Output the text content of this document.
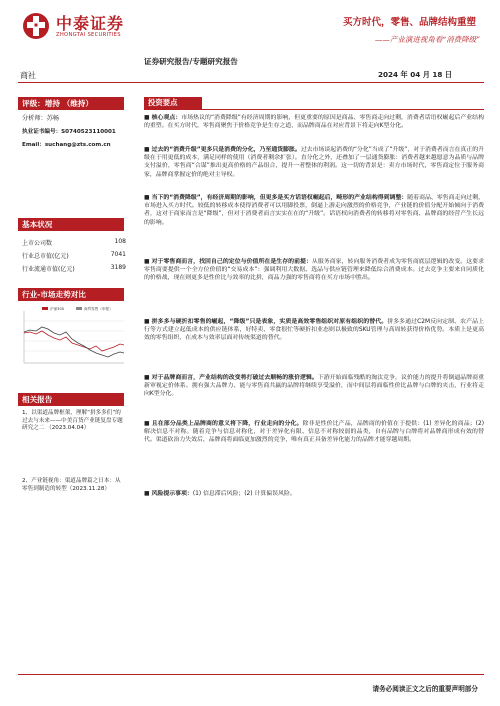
中泰证券
ZHONGTAI SECURITIES
买方时代，零售、品牌结构重塑
——产业演进视角看“消费降级”
证券研究报告/专题研究报告
商社	2024 年 04 月 18 日
评级：增持 （维持）
分析师：苏畅
执业证书编号：S0740523110001
Email：suchang@zts.com.cn
基本状况
上市公司数	108
行业总市值(亿元)	7041
行业流通市值(亿元)	3189
行业-市场走势对比
沪深300	商贸零售（申报）
相关报告
1、以渠道品牌框架，理解“拼多多们”的过去与未来——中美百货产业链复盘专题研究之二 （2023.04.04）
2、产业链视角：渠道品牌篇之日本：从零售到制造的转型（2023.11.28）
投资要点
■ 核心观点：市场热议的“消费降级”有经济周期的影响，但更重要的原因是商品、零售商走向过剩，消费者话语权崛起后产业结构的重塑。在买方时代，零售商聚焦于价格竞争是生存之道，而品牌商品在对应背景下将走向K型分化。
■ 过去的“消费升级”更多只是消费的分化，乃至通货膨胀。过去市场谈起消费的“分化”当成了“升级”，对于消费者而言在真正的升级在于用更低的成本，满足同样的使用（消费者剩余扩张）。直分化之外，还叠加了一层通货膨胀：消费者越来越愿意为品质与品牌支付溢价，零售商“合谋”推出更高价格的产品组合，提升一者整体的利润。这一切的背景是：卖方市场时代，零售商定位于服务商家，品牌商掌握定价的绝对主导权。
■ 当下的“消费降级”，有经济周期的影响，但更多是买方话语权崛起后，畸形的产业结构得到调整：随着商品、零售商走向过剩，市场进入买方时代。较低的转移成本使得消费者可以用脚投票，倒逼上游走向激烈的价格竞争，产业链的价值分配开始倾向于消费者，这对于商家而言是“降级”，但对于消费者而言实实在在的“升级”。话语权向消费者的转移将对零售商、品牌商的经营产生长远的影响。
■ 对于零售商而言，找回自己的定位与价值所在是生存的前提：从服务商家，转向服务消费者成为零售商底层逻辑的改变。这要求零售商要提供一个全方位价值的“交易成本”：强调利用大数据、选品与供应链管理来降低综合消费成本。过去竞争主要来自同质化的价格战，现在则更多是性价比与效率的比拼，商品力强的零售商将在买方市场中胜出。
■ 拼多多与硬折扣零售的崛起，“降级”只是表象，实质是高效零售组织对原有组织的替代。拼多多通过C2M反向定制、农产品上行等方式建立起低成本的供应链体系，好特卖、零食很忙等硬折扣业态则以极致的SKU管理与高周转获得价格优势。本质上是更高效的零售组织，在成本与效率层面对传统渠道的替代。
■ 对于品牌商而言，产业结构的改变将打破过去顺畅的涨价逻辑。下游开始面临残酷的淘汰竞争，议价能力的提升将倒逼品牌商重新审视定价体系。拥有强大品牌力、能与零售商共赢的品牌将继续享受溢价，而中间层将面临性价比品牌与白牌的夹击，行业将走向K型分化。
■ 且在部分品类上品牌商的意义将下降，行业走向的分化。除非是性价比产品，品牌商的价值在于提供：(1) 差异化的商品；(2) 解决信息不对称。随着竞争与信息对称化，对于差异化有限、信息不对称较弱的品类，自有品牌与白牌将对品牌商形成有效的替代。渠道砍治力失效后，品牌商将面临更加激烈的竞争，唯有真正具备差异化能力的品牌才能穿越周期。
■ 风险提示事项：(1) 信息滞后风险；(2) 计算偏误风险。
请务必阅读正文之后的重要声明部分
